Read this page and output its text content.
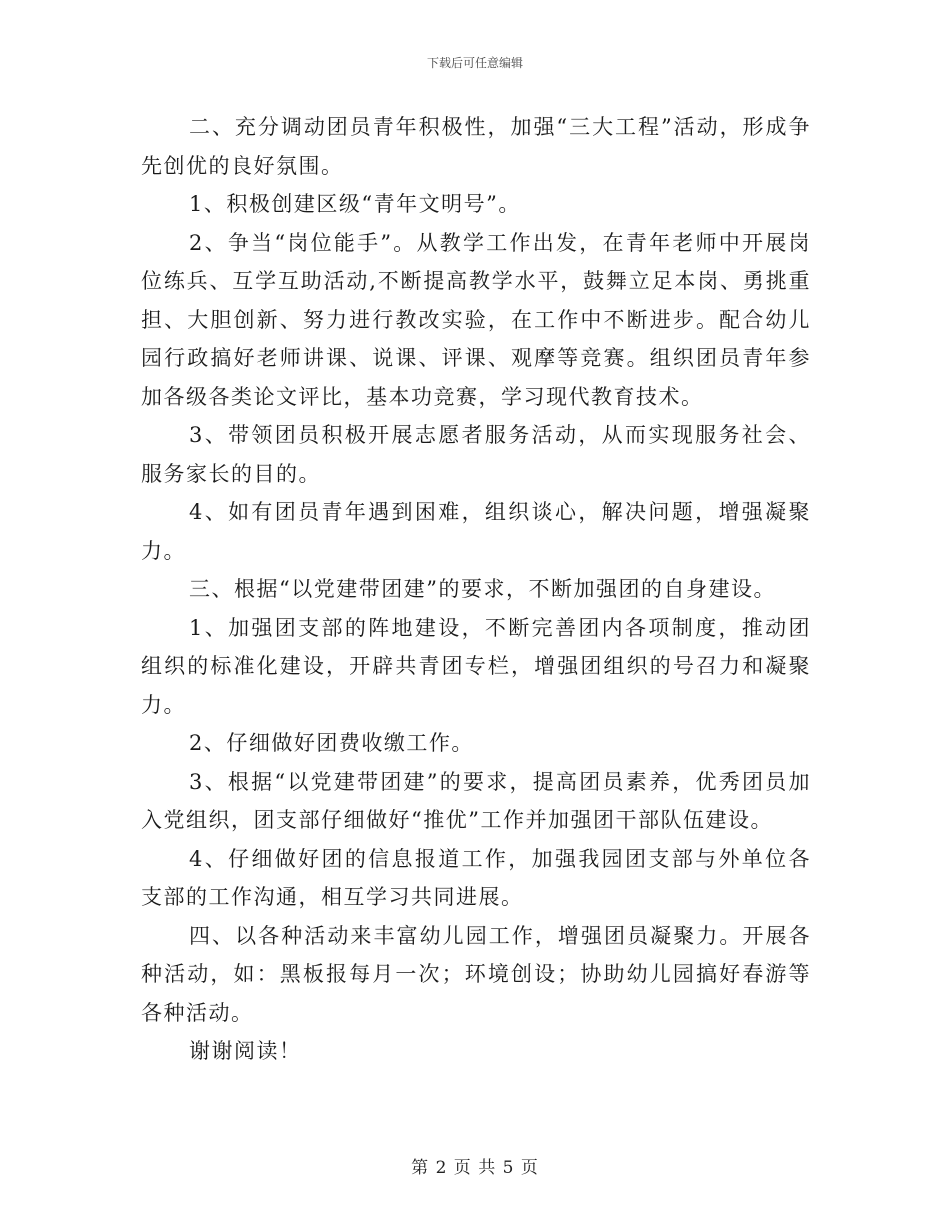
下载后可任意编辑

二、充分调动团员青年积极性，加强“三大工程”活动，形成争先创优的良好氛围。

1、积极创建区级“青年文明号”。

2、争当“岗位能手”。从教学工作出发，在青年老师中开展岗位练兵、互学互助活动,不断提高教学水平，鼓舞立足本岗、勇挑重担、大胆创新、努力进行教改实验，在工作中不断进步。配合幼儿园行政搞好老师讲课、说课、评课、观摩等竞赛。组织团员青年参加各级各类论文评比，基本功竞赛，学习现代教育技术。

3、带领团员积极开展志愿者服务活动，从而实现服务社会、服务家长的目的。

4、如有团员青年遇到困难，组织谈心，解决问题，增强凝聚力。

三、根据“以党建带团建”的要求，不断加强团的自身建设。

1、加强团支部的阵地建设，不断完善团内各项制度，推动团组织的标准化建设，开辟共青团专栏，增强团组织的号召力和凝聚力。

2、仔细做好团费收缴工作。

3、根据“以党建带团建”的要求，提高团员素养，优秀团员加入党组织，团支部仔细做好“推优”工作并加强团干部队伍建设。

4、仔细做好团的信息报道工作，加强我园团支部与外单位各支部的工作沟通，相互学习共同进展。

四、以各种活动来丰富幼儿园工作，增强团员凝聚力。开展各种活动，如：黑板报每月一次；环境创设；协助幼儿园搞好春游等各种活动。

谢谢阅读！

第 2 页 共 5 页
